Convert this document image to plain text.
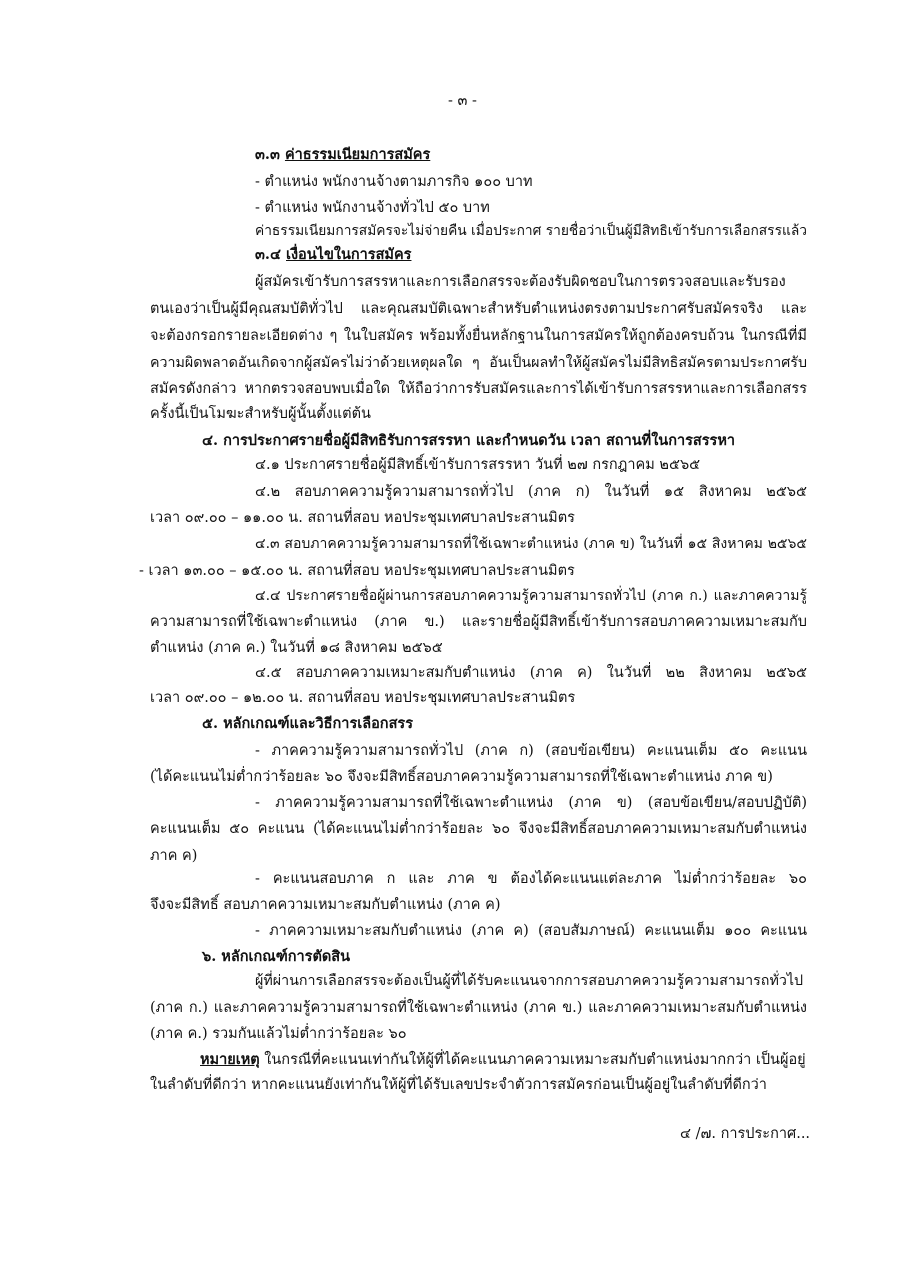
- ๓ -
๓.๓ ค่าธรรมเนียมการสมัคร
- ตำแหน่ง พนักงานจ้างตามภารกิจ ๑๐๐ บาท
- ตำแหน่ง พนักงานจ้างทั่วไป ๕๐ บาท
ค่าธรรมเนียมการสมัครจะไม่จ่ายคืน เมื่อประกาศ รายชื่อว่าเป็นผู้มีสิทธิเข้ารับการเลือกสรรแล้ว
๓.๔ เงื่อนไขในการสมัคร
ผู้สมัครเข้ารับการสรรหาและการเลือกสรรจะต้องรับผิดชอบในการตรวจสอบและรับรอง
ตนเองว่าเป็นผู้มีคุณสมบัติทั่วไป และคุณสมบัติเฉพาะสำหรับตำแหน่งตรงตามประกาศรับสมัครจริง และ
จะต้องกรอกรายละเอียดต่าง ๆ ในใบสมัคร พร้อมทั้งยื่นหลักฐานในการสมัครให้ถูกต้องครบถ้วน ในกรณีที่มี
ความผิดพลาดอันเกิดจากผู้สมัครไม่ว่าด้วยเหตุผลใด ๆ อันเป็นผลทำให้ผู้สมัครไม่มีสิทธิสมัครตามประกาศรับ
สมัครดังกล่าว หากตรวจสอบพบเมื่อใด ให้ถือว่าการรับสมัครและการได้เข้ารับการสรรหาและการเลือกสรร
ครั้งนี้เป็นโมฆะสำหรับผู้นั้นตั้งแต่ต้น
๔. การประกาศรายชื่อผู้มีสิทธิรับการสรรหา และกำหนดวัน เวลา สถานที่ในการสรรหา
๔.๑ ประกาศรายชื่อผู้มีสิทธิ์เข้ารับการสรรหา วันที่ ๒๗ กรกฎาคม ๒๕๖๕
๔.๒ สอบภาคความรู้ความสามารถทั่วไป (ภาค ก) ในวันที่ ๑๕ สิงหาคม ๒๕๖๕
เวลา ๐๙.๐๐ – ๑๑.๐๐ น. สถานที่สอบ หอประชุมเทศบาลประสานมิตร
๔.๓ สอบภาคความรู้ความสามารถที่ใช้เฉพาะตำแหน่ง (ภาค ข) ในวันที่ ๑๕ สิงหาคม ๒๕๖๕
- เวลา ๑๓.๐๐ – ๑๕.๐๐ น. สถานที่สอบ หอประชุมเทศบาลประสานมิตร
๔.๔ ประกาศรายชื่อผู้ผ่านการสอบภาคความรู้ความสามารถทั่วไป (ภาค ก.) และภาคความรู้
ความสามารถที่ใช้เฉพาะตำแหน่ง (ภาค ข.) และรายชื่อผู้มีสิทธิ์เข้ารับการสอบภาคความเหมาะสมกับ
ตำแหน่ง (ภาค ค.) ในวันที่ ๑๘ สิงหาคม ๒๕๖๕
๔.๕ สอบภาคความเหมาะสมกับตำแหน่ง (ภาค ค) ในวันที่ ๒๒ สิงหาคม ๒๕๖๕
เวลา ๐๙.๐๐ – ๑๒.๐๐ น. สถานที่สอบ หอประชุมเทศบาลประสานมิตร
๕. หลักเกณฑ์และวิธีการเลือกสรร
- ภาคความรู้ความสามารถทั่วไป (ภาค ก) (สอบข้อเขียน) คะแนนเต็ม ๕๐ คะแนน
(ได้คะแนนไม่ต่ำกว่าร้อยละ ๖๐ จึงจะมีสิทธิ์สอบภาคความรู้ความสามารถที่ใช้เฉพาะตำแหน่ง ภาค ข)
- ภาคความรู้ความสามารถที่ใช้เฉพาะตำแหน่ง (ภาค ข) (สอบข้อเขียน/สอบปฏิบัติ)
คะแนนเต็ม ๕๐ คะแนน (ได้คะแนนไม่ต่ำกว่าร้อยละ ๖๐ จึงจะมีสิทธิ์สอบภาคความเหมาะสมกับตำแหน่ง
ภาค ค)
- คะแนนสอบภาค ก และ ภาค ข ต้องได้คะแนนแต่ละภาค ไม่ต่ำกว่าร้อยละ ๖๐
จึงจะมีสิทธิ์ สอบภาคความเหมาะสมกับตำแหน่ง (ภาค ค)
- ภาคความเหมาะสมกับตำแหน่ง (ภาค ค) (สอบสัมภาษณ์) คะแนนเต็ม ๑๐๐ คะแนน
๖. หลักเกณฑ์การตัดสิน
ผู้ที่ผ่านการเลือกสรรจะต้องเป็นผู้ที่ได้รับคะแนนจากการสอบภาคความรู้ความสามารถทั่วไป
(ภาค ก.) และภาคความรู้ความสามารถที่ใช้เฉพาะตำแหน่ง (ภาค ข.) และภาคความเหมาะสมกับตำแหน่ง
(ภาค ค.) รวมกันแล้วไม่ต่ำกว่าร้อยละ ๖๐
หมายเหตุ ในกรณีที่คะแนนเท่ากันให้ผู้ที่ได้คะแนนภาคความเหมาะสมกับตำแหน่งมากกว่า เป็นผู้อยู่
ในลำดับที่ดีกว่า หากคะแนนยังเท่ากันให้ผู้ที่ได้รับเลขประจำตัวการสมัครก่อนเป็นผู้อยู่ในลำดับที่ดีกว่า
๔ /๗. การประกาศ...
